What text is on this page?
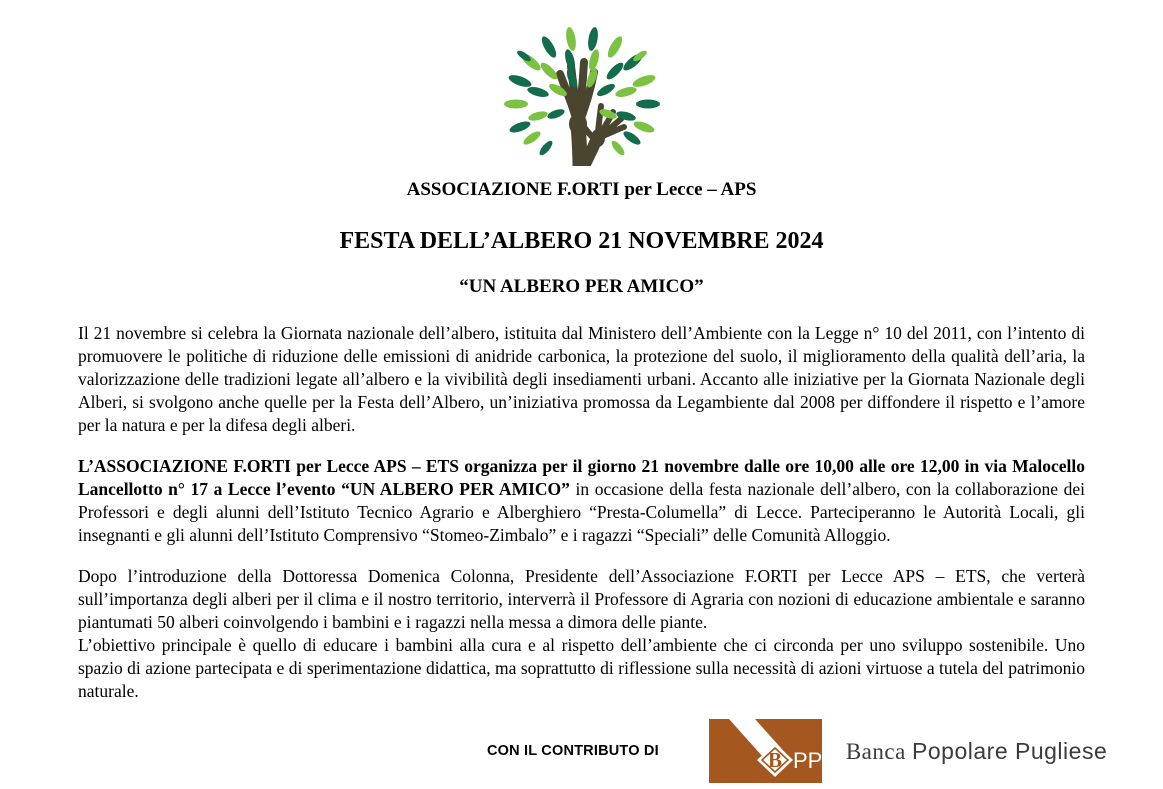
ASSOCIAZIONE F.ORTI per Lecce – APS
FESTA DELL’ALBERO 21 NOVEMBRE 2024
“UN ALBERO PER AMICO”

Il 21 novembre si celebra la Giornata nazionale dell’albero, istituita dal Ministero dell’Ambiente con la Legge n° 10 del 2011, con l’intento di promuovere le politiche di riduzione delle emissioni di anidride carbonica, la protezione del suolo, il miglioramento della qualità dell’aria, la valorizzazione delle tradizioni legate all’albero e la vivibilità degli insediamenti urbani. Accanto alle iniziative per la Giornata Nazionale degli Alberi, si svolgono anche quelle per la Festa dell’Albero, un’iniziativa promossa da Legambiente dal 2008 per diffondere il rispetto e l’amore per la natura e per la difesa degli alberi.

L’ASSOCIAZIONE F.ORTI per Lecce APS – ETS organizza per il giorno 21 novembre dalle ore 10,00 alle ore 12,00 in via Malocello Lancellotto n° 17 a Lecce l’evento “UN ALBERO PER AMICO” in occasione della festa nazionale dell’albero, con la collaborazione dei Professori e degli alunni dell’Istituto Tecnico Agrario e Alberghiero “Presta-Columella” di Lecce. Parteciperanno le Autorità Locali, gli insegnanti e gli alunni dell’Istituto Comprensivo “Stomeo-Zimbalo” e i ragazzi “Speciali” delle Comunità Alloggio.

Dopo l’introduzione della Dottoressa Domenica Colonna, Presidente dell’Associazione F.ORTI per Lecce APS – ETS, che verterà sull’importanza degli alberi per il clima e il nostro territorio, interverrà il Professore di Agraria con nozioni di educazione ambientale e saranno piantumati 50 alberi coinvolgendo i bambini e i ragazzi nella messa a dimora delle piante.

L’obiettivo principale è quello di educare i bambini alla cura e al rispetto dell’ambiente che ci circonda per uno sviluppo sostenibile. Uno spazio di azione partecipata e di sperimentazione didattica, ma soprattutto di riflessione sulla necessità di azioni virtuose a tutela del patrimonio naturale.

CON IL CONTRIBUTO DI	B PP Banca Popolare Pugliese
